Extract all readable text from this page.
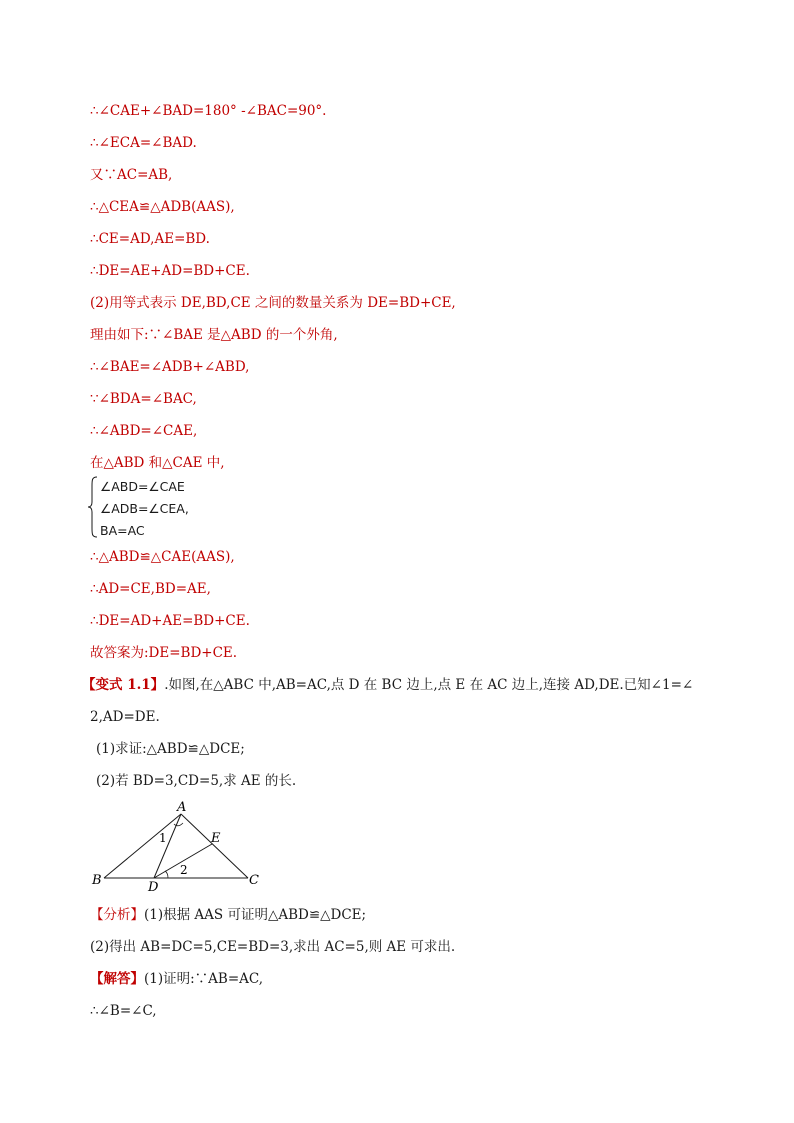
∴∠CAE+∠BAD=180° -∠BAC=90°.
∴∠ECA=∠BAD.
又∵AC=AB,
∴△CEA≌△ADB(AAS),
∴CE=AD,AE=BD.
∴DE=AE+AD=BD+CE.
(2)用等式表示 DE,BD,CE 之间的数量关系为 DE=BD+CE,
理由如下:∵∠BAE 是△ABD 的一个外角,
∴∠BAE=∠ADB+∠ABD,
∵∠BDA=∠BAC,
∴∠ABD=∠CAE,
在△ABD 和△CAE 中,
∠ABD=∠CAE
∠ADB=∠CEA,
BA=AC
∴△ABD≌△CAE(AAS),
∴AD=CE,BD=AE,
∴DE=AD+AE=BD+CE.
故答案为:DE=BD+CE.
【变式 1.1】.如图,在△ABC 中,AB=AC,点 D 在 BC 边上,点 E 在 AC 边上,连接 AD,DE.已知∠1=∠
2,AD=DE.
(1)求证:△ABD≌△DCE;
(2)若 BD=3,CD=5,求 AE 的长.
A
B	C
D
E
1
2
【分析】(1)根据 AAS 可证明△ABD≌△DCE;
(2)得出 AB=DC=5,CE=BD=3,求出 AC=5,则 AE 可求出.
【解答】(1)证明:∵AB=AC,
∴∠B=∠C,
